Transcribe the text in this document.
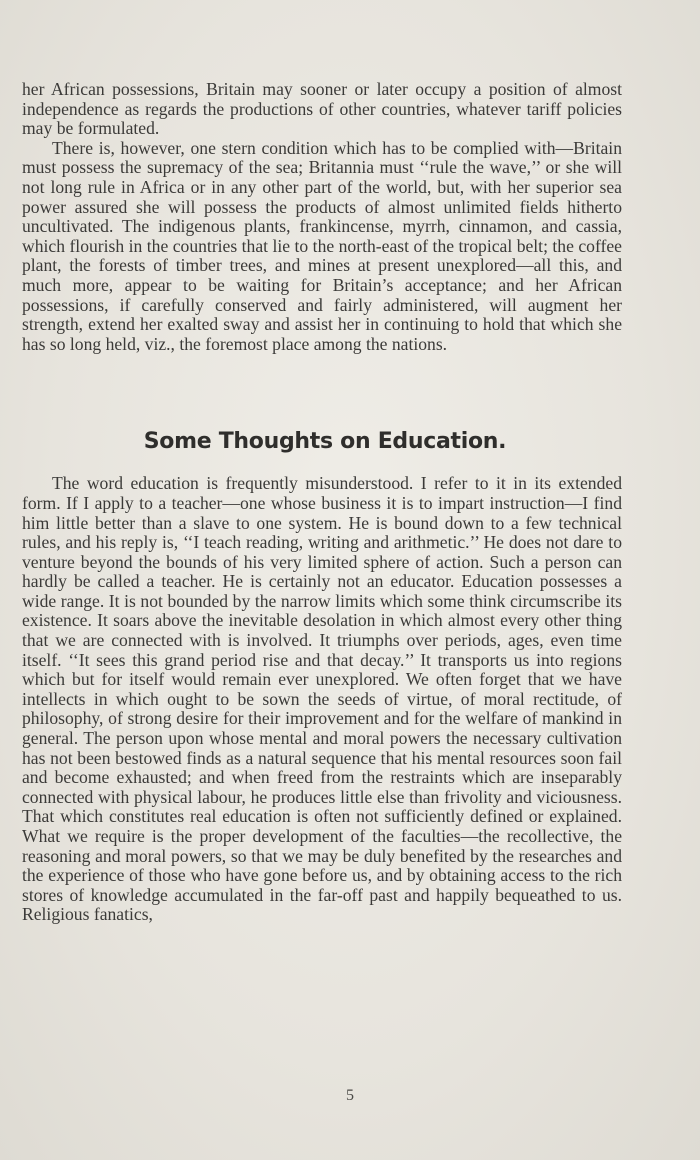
her African possessions, Britain may sooner or later occupy a position of almost independence as regards the productions of other countries, whatever tariff policies may be formulated.

There is, however, one stern condition which has to be complied with—Britain must possess the supremacy of the sea; Britannia must ‘‘rule the wave,’’ or she will not long rule in Africa or in any other part of the world, but, with her superior sea power assured she will possess the products of almost unlimited fields hitherto uncultivated. The indigenous plants, frankincense, myrrh, cinnamon, and cassia, which flourish in the countries that lie to the north-east of the tropical belt; the coffee plant, the forests of timber trees, and mines at present unexplored—all this, and much more, appear to be waiting for Britain’s acceptance; and her African possessions, if carefully conserved and fairly administered, will augment her strength, extend her exalted sway and assist her in continuing to hold that which she has so long held, viz., the foremost place among the nations.

Some Thoughts on Education.

The word education is frequently misunderstood. I refer to it in its extended form. If I apply to a teacher—one whose business it is to impart instruction—I find him little better than a slave to one system. He is bound down to a few technical rules, and his reply is, ‘‘I teach reading, writing and arithmetic.’’ He does not dare to venture beyond the bounds of his very limited sphere of action. Such a person can hardly be called a teacher. He is certainly not an educator. Education possesses a wide range. It is not bounded by the narrow limits which some think circumscribe its existence. It soars above the inevitable desolation in which almost every other thing that we are connected with is involved. It triumphs over periods, ages, even time itself. ‘‘It sees this grand period rise and that decay.’’ It transports us into regions which but for itself would remain ever unexplored. We often forget that we have intellects in which ought to be sown the seeds of virtue, of moral rectitude, of philosophy, of strong desire for their improvement and for the welfare of mankind in general. The person upon whose mental and moral powers the necessary cultivation has not been bestowed finds as a natural sequence that his mental resources soon fail and become exhausted; and when freed from the restraints which are inseparably connected with physical labour, he produces little else than frivolity and viciousness. That which constitutes real education is often not sufficiently defined or explained. What we require is the proper development of the faculties—the recollective, the reasoning and moral powers, so that we may be duly benefited by the researches and the experience of those who have gone before us, and by obtaining access to the rich stores of knowledge accumulated in the far-off past and happily bequeathed to us. Religious fanatics,

5
